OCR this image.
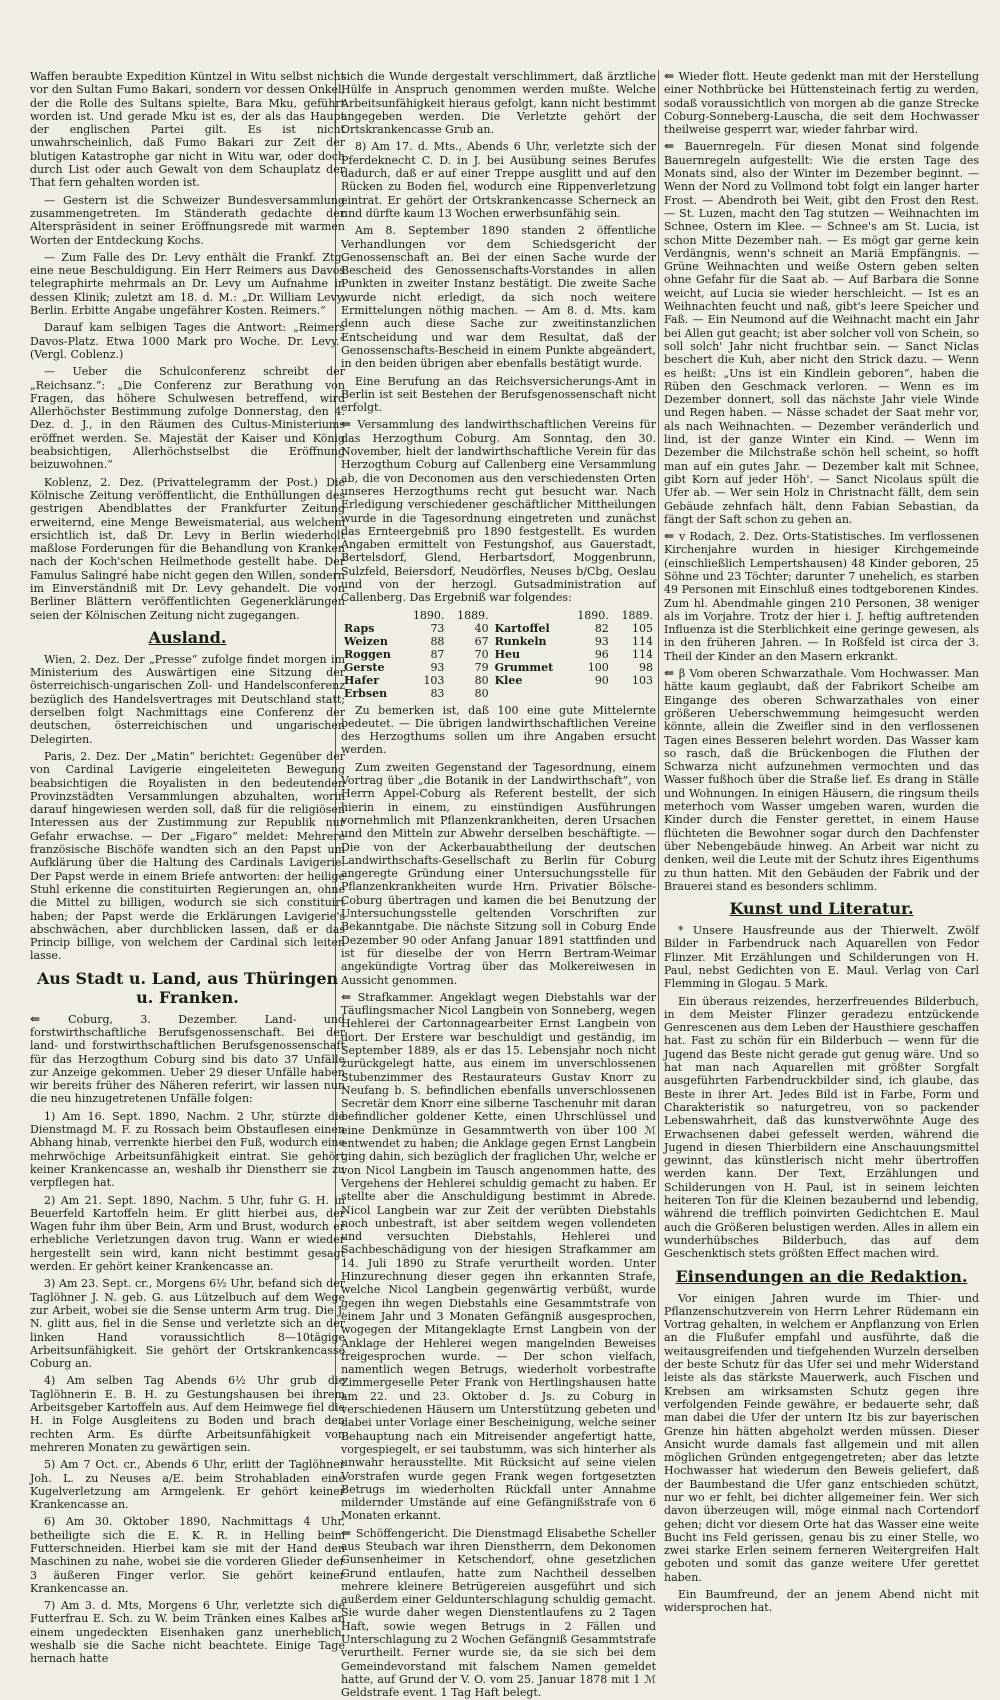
Waffen beraubte Expedition Küntzel in Witu selbst nicht vor den Sultan Fumo Bakari, sondern vor dessen Onkel, der die Rolle des Sultans spielte, Bara Mku, geführt worden ist. Und gerade Mku ist es, der als das Haupt der englischen Partei gilt. Es ist nicht unwahrscheinlich, daß Fumo Bakari zur Zeit der blutigen Katastrophe gar nicht in Witu war, oder doch durch List oder auch Gewalt von dem Schauplatz der That fern gehalten worden ist.

— Gestern ist die Schweizer Bundesversammlung zusammengetreten. Im Ständerath gedachte der Alterspräsident in seiner Eröffnungsrede mit warmen Worten der Entdeckung Kochs.

— Zum Falle des Dr. Levy enthält die Frankf. Ztg. eine neue Beschuldigung. Ein Herr Reimers aus Davos telegraphirte mehrmals an Dr. Levy um Aufnahme in dessen Klinik; zuletzt am 18. d. M.: „Dr. William Levy, Berlin. Erbitte Angabe ungefährer Kosten. Reimers.“

Darauf kam selbigen Tages die Antwort: „Reimers Davos-Platz. Etwa 1000 Mark pro Woche. Dr. Levy.“ (Vergl. Coblenz.)

— Ueber die Schulconferenz schreibt der „Reichsanz.“: „Die Conferenz zur Berathung von Fragen, das höhere Schulwesen betreffend, wird Allerhöchster Bestimmung zufolge Donnerstag, den 4. Dez. d. J., in den Räumen des Cultus-Ministeriums eröffnet werden. Se. Majestät der Kaiser und König beabsichtigen, Allerhöchstselbst die Eröffnung beizuwohnen.“

Koblenz, 2. Dez. (Privattelegramm der Post.) Die Kölnische Zeitung veröffentlicht, die Enthüllungen des gestrigen Abendblattes der Frankfurter Zeitung erweiternd, eine Menge Beweismaterial, aus welchem ersichtlich ist, daß Dr. Levy in Berlin wiederholt maßlose Forderungen für die Behandlung von Kranken nach der Koch'schen Heilmethode gestellt habe. Der Famulus Salingré habe nicht gegen den Willen, sondern im Einverständniß mit Dr. Levy gehandelt. Die von Berliner Blättern veröffentlichten Gegenerklärungen seien der Kölnischen Zeitung nicht zugegangen.

Ausland.

Wien, 2. Dez. Der „Presse“ zufolge findet morgen im Ministerium des Auswärtigen eine Sitzung der österreichisch-ungarischen Zoll- und Handelsconferenz bezüglich des Handelsvertrages mit Deutschland statt; derselben folgt Nachmittags eine Conferenz der deutschen, österreichischen und ungarischen Delegirten.

Paris, 2. Dez. Der „Matin“ berichtet: Gegenüber der von Cardinal Lavigerie eingeleiteten Bewegung beabsichtigen die Royalisten in den bedeutenden Provinzstädten Versammlungen abzuhalten, worin darauf hingewiesen werden soll, daß für die religiösen Interessen aus der Zustimmung zur Republik nur Gefahr erwachse. — Der „Figaro“ meldet: Mehrere französische Bischöfe wandten sich an den Papst um Aufklärung über die Haltung des Cardinals Lavigerie. Der Papst werde in einem Briefe antworten: der heilige Stuhl erkenne die constituirten Regierungen an, ohne die Mittel zu billigen, wodurch sie sich constituirt haben; der Papst werde die Erklärungen Lavigerie's abschwächen, aber durchblicken lassen, daß er das Princip billige, von welchem der Cardinal sich leiten lasse.

Aus Stadt u. Land, aus Thüringen u. Franken.

⇐ Coburg, 3. Dezember. Land- und forstwirthschaftliche Berufsgenossenschaft. Bei der land- und forstwirthschaftlichen Berufsgenossenschaft für das Herzogthum Coburg sind bis dato 37 Unfälle zur Anzeige gekommen. Ueber 29 dieser Unfälle haben wir bereits früher des Näheren referirt, wir lassen nun die neu hinzugetretenen Unfälle folgen:

1) Am 16. Sept. 1890, Nachm. 2 Uhr, stürzte die Dienstmagd M. F. zu Rossach beim Obstauflesen einen Abhang hinab, verrenkte hierbei den Fuß, wodurch eine mehrwöchige Arbeitsunfähigkeit eintrat. Sie gehört keiner Krankencasse an, weshalb ihr Dienstherr sie zu verpflegen hat.

2) Am 21. Sept. 1890, Nachm. 5 Uhr, fuhr G. H. in Beuerfeld Kartoffeln heim. Er glitt hierbei aus, der Wagen fuhr ihm über Bein, Arm und Brust, wodurch er erhebliche Verletzungen davon trug. Wann er wieder hergestellt sein wird, kann nicht bestimmt gesagt werden. Er gehört keiner Krankencasse an.

3) Am 23. Sept. cr., Morgens 6½ Uhr, befand sich der Taglöhner J. N. geb. G. aus Lützelbuch auf dem Wege zur Arbeit, wobei sie die Sense unterm Arm trug. Die J. N. glitt aus, fiel in die Sense und verletzte sich an der linken Hand voraussichtlich 8—10tägige Arbeitsunfähigkeit. Sie gehört der Ortskrankencasse Coburg an.

4) Am selben Tag Abends 6½ Uhr grub die Taglöhnerin E. B. H. zu Gestungshausen bei ihrem Arbeitsgeber Kartoffeln aus. Auf dem Heimwege fiel die H. in Folge Ausgleitens zu Boden und brach den rechten Arm. Es dürfte Arbeitsunfähigkeit von mehreren Monaten zu gewärtigen sein.

5) Am 7 Oct. cr., Abends 6 Uhr, erlitt der Taglöhner Joh. L. zu Neuses a/E. beim Strohabladen eine Kugelverletzung am Armgelenk. Er gehört keiner Krankencasse an.

6) Am 30. Oktober 1890, Nachmittags 4 Uhr, betheiligte sich die E. K. R. in Helling beim Futterschneiden. Hierbei kam sie mit der Hand den Maschinen zu nahe, wobei sie die vorderen Glieder der 3 äußeren Finger verlor. Sie gehört keiner Krankencasse an.

7) Am 3. d. Mts, Morgens 6 Uhr, verletzte sich die Futterfrau E. Sch. zu W. beim Tränken eines Kalbes an einem ungedeckten Eisenhaken ganz unerheblich, weshalb sie die Sache nicht beachtete. Einige Tage hernach hatte

sich die Wunde dergestalt verschlimmert, daß ärztliche Hülfe in Anspruch genommen werden mußte. Welche Arbeitsunfähigkeit hieraus gefolgt, kann nicht bestimmt angegeben werden. Die Verletzte gehört der Ortskrankencasse Grub an.

8) Am 17. d. Mts., Abends 6 Uhr, verletzte sich der Pferdeknecht C. D. in J. bei Ausübung seines Berufes dadurch, daß er auf einer Treppe ausglitt und auf den Rücken zu Boden fiel, wodurch eine Rippenverletzung eintrat. Er gehört der Ortskrankencasse Scherneck an und dürfte kaum 13 Wochen erwerbsunfähig sein.

Am 8. September 1890 standen 2 öffentliche Verhandlungen vor dem Schiedsgericht der Genossenschaft an. Bei der einen Sache wurde der Bescheid des Genossenschafts-Vorstandes in allen Punkten in zweiter Instanz bestätigt. Die zweite Sache wurde nicht erledigt, da sich noch weitere Ermittelungen nöthig machen. — Am 8. d. Mts. kam denn auch diese Sache zur zweitinstanzlichen Entscheidung und war dem Resultat, daß der Genossenschafts-Bescheid in einem Punkte abgeändert, in den beiden übrigen aber ebenfalls bestätigt wurde.

Eine Berufung an das Reichsversicherungs-Amt in Berlin ist seit Bestehen der Berufsgenossenschaft nicht erfolgt.

⇐ Versammlung des landwirthschaftlichen Vereins für das Herzogthum Coburg. Am Sonntag, den 30. November, hielt der landwirthschaftliche Verein für das Herzogthum Coburg auf Callenberg eine Versammlung ab, die von Deconomen aus den verschiedensten Orten unseres Herzogthums recht gut besucht war. Nach Erledigung verschiedener geschäftlicher Mittheilungen wurde in die Tagesordnung eingetreten und zunächst das Ernteergebniß pro 1890 festgestellt. Es wurden Angaben ermittelt von Festungshof, aus Gauerstadt, Bertelsdorf, Glend, Herbartsdorf, Moggenbrunn, Sulzfeld, Beiersdorf, Neudörfles, Neuses b/Cbg, Oeslau und von der herzogl. Gutsadministration auf Callenberg. Das Ergebniß war folgendes:

	1890.	1889.		1890.	1889.
Raps	73	40	Kartoffel	82	105
Weizen	88	67	Runkeln	93	114
Roggen	87	70	Heu	96	114
Gerste	93	79	Grummet	100	98
Hafer	103	80	Klee	90	103
Erbsen	83	80			

Zu bemerken ist, daß 100 eine gute Mittelernte bedeutet. — Die übrigen landwirthschaftlichen Vereine des Herzogthums sollen um ihre Angaben ersucht werden.

Zum zweiten Gegenstand der Tagesordnung, einem Vortrag über „die Botanik in der Landwirthschaft“, von Herrn Appel-Coburg als Referent bestellt, der sich hierin in einem, zu einstündigen Ausführungen vornehmlich mit Pflanzenkrankheiten, deren Ursachen und den Mitteln zur Abwehr derselben beschäftigte. — Die von der Ackerbauabtheilung der deutschen Landwirthschafts-Gesellschaft zu Berlin für Coburg angeregte Gründung einer Untersuchungsstelle für Pflanzenkrankheiten wurde Hrn. Privatier Bölsche-Coburg übertragen und kamen die bei Benutzung der Untersuchungsstelle geltenden Vorschriften zur Bekanntgabe. Die nächste Sitzung soll in Coburg Ende Dezember 90 oder Anfang Januar 1891 stattfinden und ist für dieselbe der von Herrn Bertram-Weimar angekündigte Vortrag über das Molkereiwesen in Aussicht genommen.

⇐ Strafkammer. Angeklagt wegen Diebstahls war der Täuflingsmacher Nicol Langbein von Sonneberg, wegen Hehlerei der Cartonnagearbeiter Ernst Langbein von dort. Der Erstere war beschuldigt und geständig, im September 1889, als er das 15. Lebensjahr noch nicht zurückgelegt hatte, aus einem im unverschlossenen Stubenzimmer des Restaurateurs Gustav Knorr zu Neufang b. S. befindlichen ebenfalls unverschlossenen Secretär dem Knorr eine silberne Taschenuhr mit daran befindlicher goldener Kette, einen Uhrschlüssel und eine Denkmünze in Gesammtwerth von über 100 ℳ entwendet zu haben; die Anklage gegen Ernst Langbein ging dahin, sich bezüglich der fraglichen Uhr, welche er von Nicol Langbein im Tausch angenommen hatte, des Vergehens der Hehlerei schuldig gemacht zu haben. Er stellte aber die Anschuldigung bestimmt in Abrede. Nicol Langbein war zur Zeit der verübten Diebstahls noch unbestraft, ist aber seitdem wegen vollendeten und versuchten Diebstahls, Hehlerei und Sachbeschädigung von der hiesigen Strafkammer am 14. Juli 1890 zu Strafe verurtheilt worden. Unter Hinzurechnung dieser gegen ihn erkannten Strafe, welche Nicol Langbein gegenwärtig verbüßt, wurde gegen ihn wegen Diebstahls eine Gesammtstrafe von einem Jahr und 3 Monaten Gefängniß ausgesprochen, wogegen der Mitangeklagte Ernst Langbein von der Anklage der Hehlerei wegen mangelnden Beweises freigesprochen wurde. — Der schon vielfach, namentlich wegen Betrugs, wiederholt vorbestrafte Zimmergeselle Peter Frank von Hertlingshausen hatte am 22. und 23. Oktober d. Js. zu Coburg in verschiedenen Häusern um Unterstützung gebeten und dabei unter Vorlage einer Bescheinigung, welche seiner Behauptung nach ein Mitreisender angefertigt hatte, vorgespiegelt, er sei taubstumm, was sich hinterher als unwahr herausstellte. Mit Rücksicht auf seine vielen Vorstrafen wurde gegen Frank wegen fortgesetzten Betrugs im wiederholten Rückfall unter Annahme mildernder Umstände auf eine Gefängnißstrafe von 6 Monaten erkannt.

⇐ Schöffengericht. Die Dienstmagd Elisabethe Scheller aus Steubach war ihren Dienstherrn, dem Dekonomen Gunsenheimer in Ketschendorf, ohne gesetzlichen Grund entlaufen, hatte zum Nachtheil desselben mehrere kleinere Betrügereien ausgeführt und sich außerdem einer Geldunterschlagung schuldig gemacht. Sie wurde daher wegen Dienstentlaufens zu 2 Tagen Haft, sowie wegen Betrugs in 2 Fällen und Unterschlagung zu 2 Wochen Gefängniß Gesammtstrafe verurtheilt. Ferner wurde sie, da sie sich bei dem Gemeindevorstand mit falschem Namen gemeldet hatte, auf Grund der V. O. vom 25. Januar 1878 mit 1 ℳ Geldstrafe event. 1 Tag Haft belegt.

⇐ Wieder flott. Heute gedenkt man mit der Herstellung einer Nothbrücke bei Hüttensteinach fertig zu werden, sodaß voraussichtlich von morgen ab die ganze Strecke Coburg-Sonneberg-Lauscha, die seit dem Hochwasser theilweise gesperrt war, wieder fahrbar wird.

⇐ Bauernregeln. Für diesen Monat sind folgende Bauernregeln aufgestellt: Wie die ersten Tage des Monats sind, also der Winter im Dezember beginnt. — Wenn der Nord zu Vollmond tobt folgt ein langer harter Frost. — Abendroth bei Weit, gibt den Frost den Rest. — St. Luzen, macht den Tag stutzen — Weihnachten im Schnee, Ostern im Klee. — Schnee's am St. Lucia, ist schon Mitte Dezember nah. — Es mögt gar gerne kein Verdängnis, wenn's schneit an Mariä Empfängnis. — Grüne Weihnachten und weiße Ostern geben selten ohne Gefahr für die Saat ab. — Auf Barbara die Sonne weicht, auf Lucia sie wieder herschleicht. — Ist es an Weihnachten feucht und naß, gibt's leere Speicher und Faß. — Ein Neumond auf die Weihnacht macht ein Jahr bei Allen gut geacht; ist aber solcher voll von Schein, so soll solch' Jahr nicht fruchtbar sein. — Sanct Niclas beschert die Kuh, aber nicht den Strick dazu. — Wenn es heißt: „Uns ist ein Kindlein geboren“, haben die Rüben den Geschmack verloren. — Wenn es im Dezember donnert, soll das nächste Jahr viele Winde und Regen haben. — Nässe schadet der Saat mehr vor, als nach Weihnachten. — Dezember veränderlich und lind, ist der ganze Winter ein Kind. — Wenn im Dezember die Milchstraße schön hell scheint, so hofft man auf ein gutes Jahr. — Dezember kalt mit Schnee, gibt Korn auf jeder Höh'. — Sanct Nicolaus spült die Ufer ab. — Wer sein Holz in Christnacht fällt, dem sein Gebäude zehnfach hält, denn Fabian Sebastian, da fängt der Saft schon zu gehen an.

⇐ v Rodach, 2. Dez. Orts-Statistisches. Im verflossenen Kirchenjahre wurden in hiesiger Kirchgemeinde (einschließlich Lempertshausen) 48 Kinder geboren, 25 Söhne und 23 Töchter; darunter 7 unehelich, es starben 49 Personen mit Einschluß eines todtgeborenen Kindes. Zum hl. Abendmahle gingen 210 Personen, 38 weniger als im Vorjahre. Trotz der hier i. J. heftig auftretenden Influenza ist die Sterblichkeit eine geringe gewesen, als in den früheren Jahren. — In Roßfeld ist circa der 3. Theil der Kinder an den Masern erkrankt.

⇐ β Vom oberen Schwarzathale. Vom Hochwasser. Man hätte kaum geglaubt, daß der Fabrikort Scheibe am Eingange des oberen Schwarzathales von einer größeren Ueberschwemmung heimgesucht werden könnte, allein die Zweifler sind in den verflossenen Tagen eines Besseren belehrt worden. Das Wasser kam so rasch, daß die Brückenbogen die Fluthen der Schwarza nicht aufzunehmen vermochten und das Wasser fußhoch über die Straße lief. Es drang in Ställe und Wohnungen. In einigen Häusern, die ringsum theils meterhoch vom Wasser umgeben waren, wurden die Kinder durch die Fenster gerettet, in einem Hause flüchteten die Bewohner sogar durch den Dachfenster über Nebengebäude hinweg. An Arbeit war nicht zu denken, weil die Leute mit der Schutz ihres Eigenthums zu thun hatten. Mit den Gebäuden der Fabrik und der Brauerei stand es besonders schlimm.

Kunst und Literatur.

* Unsere Hausfreunde aus der Thierwelt. Zwölf Bilder in Farbendruck nach Aquarellen von Fedor Flinzer. Mit Erzählungen und Schilderungen von H. Paul, nebst Gedichten von E. Maul. Verlag von Carl Flemming in Glogau. 5 Mark.

Ein überaus reizendes, herzerfreuendes Bilderbuch, in dem Meister Flinzer geradezu entzückende Genrescenen aus dem Leben der Hausthiere geschaffen hat. Fast zu schön für ein Bilderbuch — wenn für die Jugend das Beste nicht gerade gut genug wäre. Und so hat man nach Aquarellen mit größter Sorgfalt ausgeführten Farbendruckbilder sind, ich glaube, das Beste in ihrer Art. Jedes Bild ist in Farbe, Form und Charakteristik so naturgetreu, von so packender Lebenswahrheit, daß das kunstverwöhnte Auge des Erwachsenen dabei gefesselt werden, während die Jugend in diesen Thierbildern eine Anschauungsmittel gewinnt, das künstlerisch nicht mehr übertroffen werden kann. Der Text, Erzählungen und Schilderungen von H. Paul, ist in seinem leichten heiteren Ton für die Kleinen bezaubernd und lebendig, während die trefflich poinvirten Gedichtchen E. Maul auch die Größeren belustigen werden. Alles in allem ein wunderhübsches Bilderbuch, das auf dem Geschenktisch stets größten Effect machen wird.

Einsendungen an die Redaktion.

Vor einigen Jahren wurde im Thier- und Pflanzenschutzverein von Herrn Lehrer Rüdemann ein Vortrag gehalten, in welchem er Anpflanzung von Erlen an die Flußufer empfahl und ausführte, daß die weitausgreifenden und tiefgehenden Wurzeln derselben der beste Schutz für das Ufer sei und mehr Widerstand leiste als das stärkste Mauerwerk, auch Fischen und Krebsen am wirksamsten Schutz gegen ihre verfolgenden Feinde gewähre, er bedauerte sehr, daß man dabei die Ufer der untern Itz bis zur bayerischen Grenze hin hätten abgeholzt werden müssen. Dieser Ansicht wurde damals fast allgemein und mit allen möglichen Gründen entgegengetreten; aber das letzte Hochwasser hat wiederum den Beweis geliefert, daß der Baumbestand die Ufer ganz entschieden schützt, nur wo er fehlt, bei dichter allgemeiner fein. Wer sich davon überzeugen will, möge einmal nach Cortendorf gehen; dicht vor diesem Orte hat das Wasser eine weite Bucht ins Feld gerissen, genau bis zu einer Stelle, wo zwei starke Erlen seinem ferneren Weitergreifen Halt geboten und somit das ganze weitere Ufer gerettet haben.

Ein Baumfreund, der an jenem Abend nicht mit widersprochen hat.
